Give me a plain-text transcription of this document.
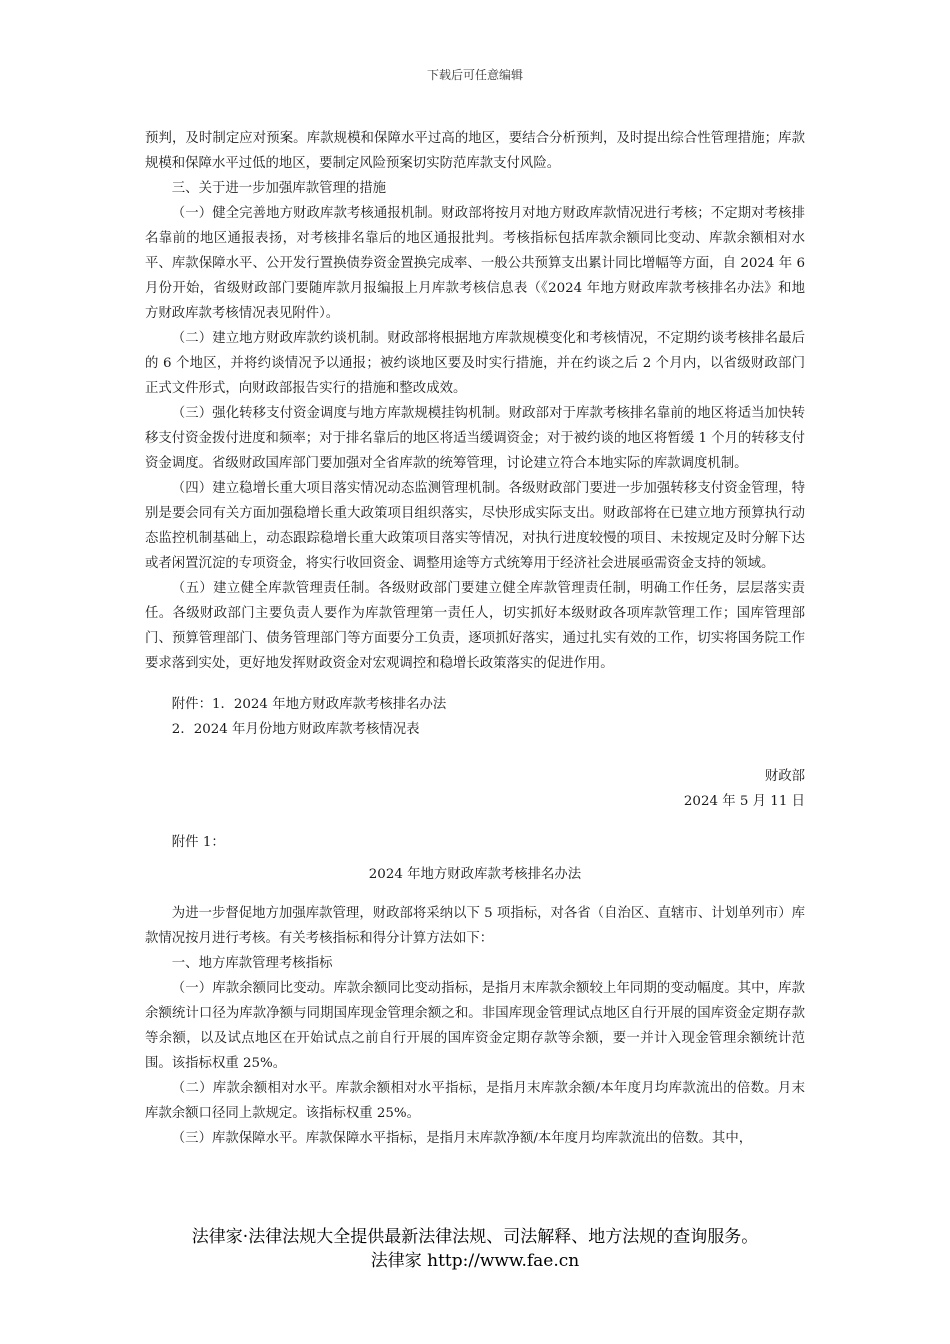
下载后可任意编辑

预判，及时制定应对预案。库款规模和保障水平过高的地区，要结合分析预判，及时提出综合性管理措施；库款规模和保障水平过低的地区，要制定风险预案切实防范库款支付风险。

三、关于进一步加强库款管理的措施

（一）健全完善地方财政库款考核通报机制。财政部将按月对地方财政库款情况进行考核；不定期对考核排名靠前的地区通报表扬，对考核排名靠后的地区通报批判。考核指标包括库款余额同比变动、库款余额相对水平、库款保障水平、公开发行置换债券资金置换完成率、一般公共预算支出累计同比增幅等方面，自 2024 年 6 月份开始，省级财政部门要随库款月报编报上月库款考核信息表（《2024 年地方财政库款考核排名办法》和地方财政库款考核情况表见附件）。

（二）建立地方财政库款约谈机制。财政部将根据地方库款规模变化和考核情况，不定期约谈考核排名最后的 6 个地区，并将约谈情况予以通报；被约谈地区要及时实行措施，并在约谈之后 2 个月内，以省级财政部门正式文件形式，向财政部报告实行的措施和整改成效。

（三）强化转移支付资金调度与地方库款规模挂钩机制。财政部对于库款考核排名靠前的地区将适当加快转移支付资金拨付进度和频率；对于排名靠后的地区将适当缓调资金；对于被约谈的地区将暂缓 1 个月的转移支付资金调度。省级财政国库部门要加强对全省库款的统筹管理，讨论建立符合本地实际的库款调度机制。

（四）建立稳增长重大项目落实情况动态监测管理机制。各级财政部门要进一步加强转移支付资金管理，特别是要会同有关方面加强稳增长重大政策项目组织落实，尽快形成实际支出。财政部将在已建立地方预算执行动态监控机制基础上，动态跟踪稳增长重大政策项目落实等情况，对执行进度较慢的项目、未按规定及时分解下达或者闲置沉淀的专项资金，将实行收回资金、调整用途等方式统筹用于经济社会进展亟需资金支持的领域。

（五）建立健全库款管理责任制。各级财政部门要建立健全库款管理责任制，明确工作任务，层层落实责任。各级财政部门主要负责人要作为库款管理第一责任人，切实抓好本级财政各项库款管理工作；国库管理部门、预算管理部门、债务管理部门等方面要分工负责，逐项抓好落实，通过扎实有效的工作，切实将国务院工作要求落到实处，更好地发挥财政资金对宏观调控和稳增长政策落实的促进作用。

附件：1．2024 年地方财政库款考核排名办法

2．2024 年月份地方财政库款考核情况表

财政部

2024 年 5 月 11 日

附件 1：

2024 年地方财政库款考核排名办法

为进一步督促地方加强库款管理，财政部将采纳以下 5 项指标，对各省（自治区、直辖市、计划单列市）库款情况按月进行考核。有关考核指标和得分计算方法如下：

一、地方库款管理考核指标

（一）库款余额同比变动。库款余额同比变动指标，是指月末库款余额较上年同期的变动幅度。其中，库款余额统计口径为库款净额与同期国库现金管理余额之和。非国库现金管理试点地区自行开展的国库资金定期存款等余额，以及试点地区在开始试点之前自行开展的国库资金定期存款等余额，要一并计入现金管理余额统计范围。该指标权重 25%。

（二）库款余额相对水平。库款余额相对水平指标，是指月末库款余额/本年度月均库款流出的倍数。月末库款余额口径同上款规定。该指标权重 25%。

（三）库款保障水平。库款保障水平指标，是指月末库款净额/本年度月均库款流出的倍数。其中，

法律家·法律法规大全提供最新法律法规、司法解释、地方法规的查询服务。
法律家 http://www.fae.cn
